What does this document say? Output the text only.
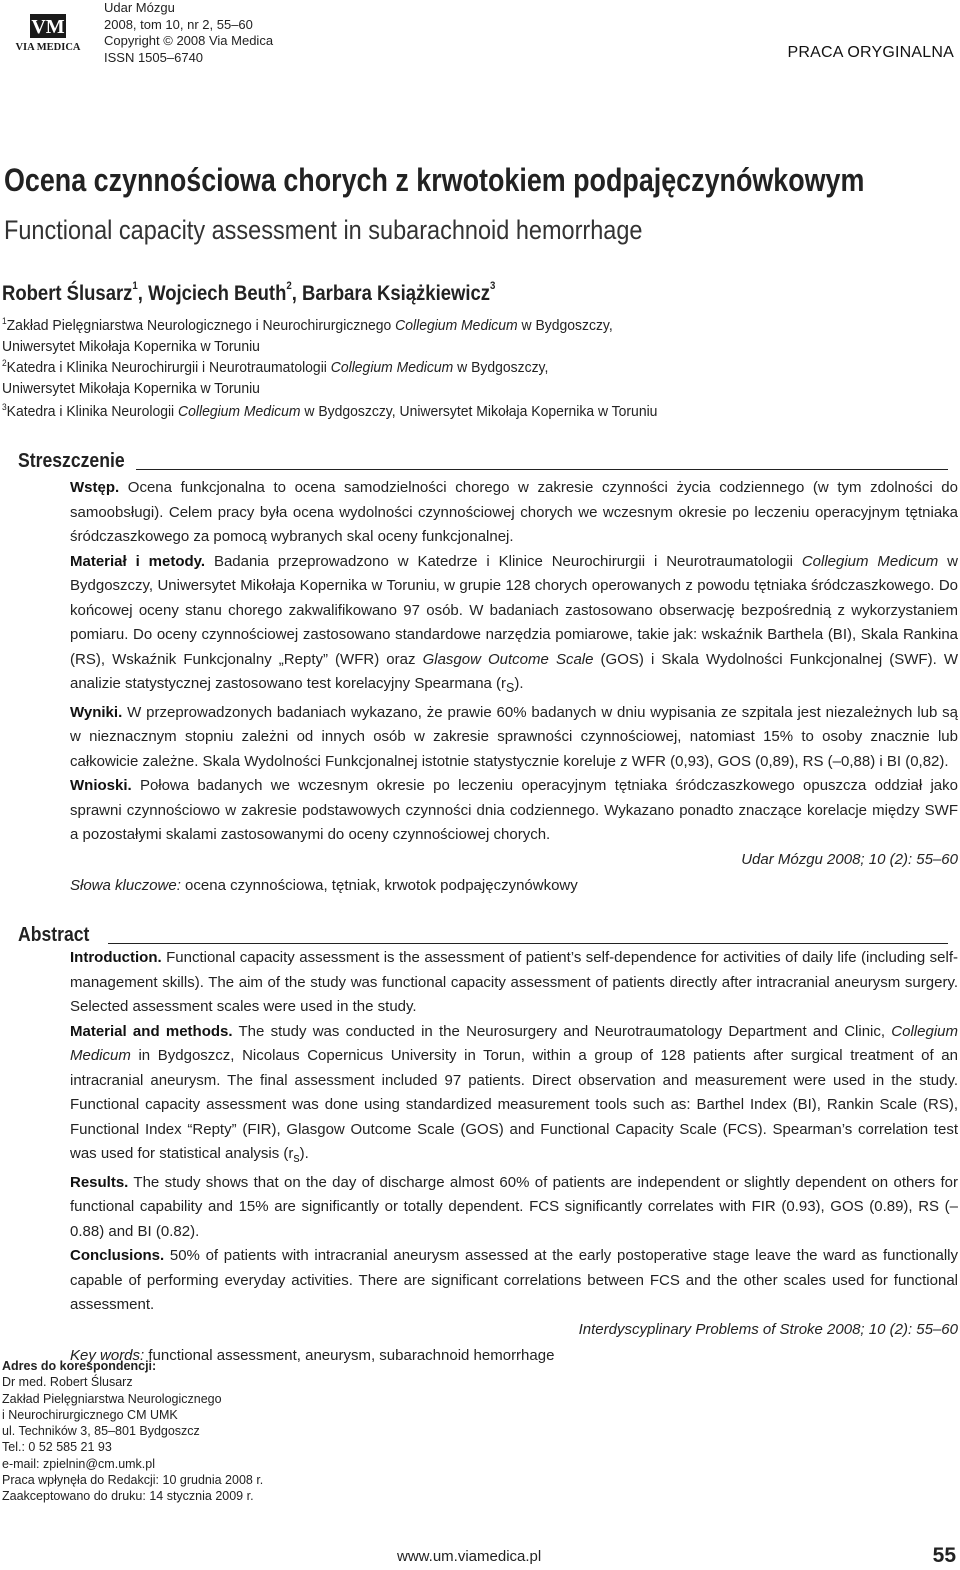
VM
VIA MEDICA
Udar Mózgu
2008, tom 10, nr 2, 55–60
Copyright © 2008 Via Medica
ISSN 1505–6740	PRACA ORYGINALNA
Ocena czynnościowa chorych z krwotokiem podpajęczynówkowym
Functional capacity assessment in subarachnoid hemorrhage
Robert Ślusarz$^1$, Wojciech Beuth$^2$, Barbara Książkiewicz$^3$
$^1$Zakład Pielęgniarstwa Neurologicznego i Neurochirurgicznego Collegium Medicum w Bydgoszczy,
Uniwersytet Mikołaja Kopernika w Toruniu
$^2$Katedra i Klinika Neurochirurgii i Neurotraumatologii Collegium Medicum w Bydgoszczy,
Uniwersytet Mikołaja Kopernika w Toruniu
$^3$Katedra i Klinika Neurologii Collegium Medicum w Bydgoszczy, Uniwersytet Mikołaja Kopernika w Toruniu
Streszczenie

Wstęp. Ocena funkcjonalna to ocena samodzielności chorego w zakresie czynności życia codziennego (w tym zdolności do samoobsługi). Celem pracy była ocena wydolności czynnościowej chorych we wczesnym okresie po leczeniu operacyjnym tętniaka śródczaszkowego za pomocą wybranych skal oceny funkcjonalnej.

Materiał i metody. Badania przeprowadzono w Katedrze i Klinice Neurochirurgii i Neurotraumatologii Collegium Medicum w Bydgoszczy, Uniwersytet Mikołaja Kopernika w Toruniu, w grupie 128 chorych operowanych z powodu tętniaka śródczaszkowego. Do końcowej oceny stanu chorego zakwalifikowano 97 osób. W badaniach zastosowano obserwację bezpośrednią z wykorzystaniem pomiaru. Do oceny czynnościowej zastosowano standardowe narzędzia pomiarowe, takie jak: wskaźnik Barthela (BI), Skala Rankina (RS), Wskaźnik Funkcjonalny „Repty” (WFR) oraz Glasgow Outcome Scale (GOS) i Skala Wydolności Funkcjonalnej (SWF). W analizie statystycznej zastosowano test korelacyjny Spearmana $(r_S)$.

Wyniki. W przeprowadzonych badaniach wykazano, że prawie 60% badanych w dniu wypisania ze szpitala jest niezależnych lub są w nieznacznym stopniu zależni od innych osób w zakresie sprawności czynnościowej, natomiast 15% to osoby znacznie lub całkowicie zależne. Skala Wydolności Funkcjonalnej istotnie statystycznie koreluje z WFR (0,93), GOS (0,89), RS (–0,88) i BI (0,82).

Wnioski. Połowa badanych we wczesnym okresie po leczeniu operacyjnym tętniaka śródczaszkowego opuszcza oddział jako sprawni czynnościowo w zakresie podstawowych czynności dnia codziennego. Wykazano ponadto znaczące korelacje między SWF a pozostałymi skalami zastosowanymi do oceny czynnościowej chorych.

Udar Mózgu 2008; 10 (2): 55–60

Słowa kluczowe: ocena czynnościowa, tętniak, krwotok podpajęczynówkowy

Abstract

Introduction. Functional capacity assessment is the assessment of patient’s self-dependence for activities of daily life (including self-management skills). The aim of the study was functional capacity assessment of patients directly after intracranial aneurysm surgery. Selected assessment scales were used in the study.

Material and methods. The study was conducted in the Neurosurgery and Neurotraumatology Department and Clinic, Collegium Medicum in Bydgoszcz, Nicolaus Copernicus University in Torun, within a group of 128 patients after surgical treatment of an intracranial aneurysm. The final assessment included 97 patients. Direct observation and measurement were used in the study. Functional capacity assessment was done using standardized measurement tools such as: Barthel Index (BI), Rankin Scale (RS), Functional Index “Repty” (FIR), Glasgow Outcome Scale (GOS) and Functional Capacity Scale (FCS). Spearman’s correlation test was used for statistical analysis $(r_s)$.

Results. The study shows that on the day of discharge almost 60% of patients are independent or slightly dependent on others for functional capability and 15% are significantly or totally dependent. FCS significantly correlates with FIR (0.93), GOS (0.89), RS (–0.88) and BI (0.82).

Conclusions. 50% of patients with intracranial aneurysm assessed at the early postoperative stage leave the ward as functionally capable of performing everyday activities. There are significant correlations between FCS and the other scales used for functional assessment.

Interdyscyplinary Problems of Stroke 2008; 10 (2): 55–60

Key words: functional assessment, aneurysm, subarachnoid hemorrhage

Adres do korespondencji:
Dr med. Robert Ślusarz
Zakład Pielęgniarstwa Neurologicznego
i Neurochirurgicznego CM UMK
ul. Techników 3, 85–801 Bydgoszcz
Tel.: 0 52 585 21 93
e-mail: zpielnin@cm.umk.pl
Praca wpłynęła do Redakcji: 10 grudnia 2008 r.
Zaakceptowano do druku: 14 stycznia 2009 r.
www.um.viamedica.pl	55
